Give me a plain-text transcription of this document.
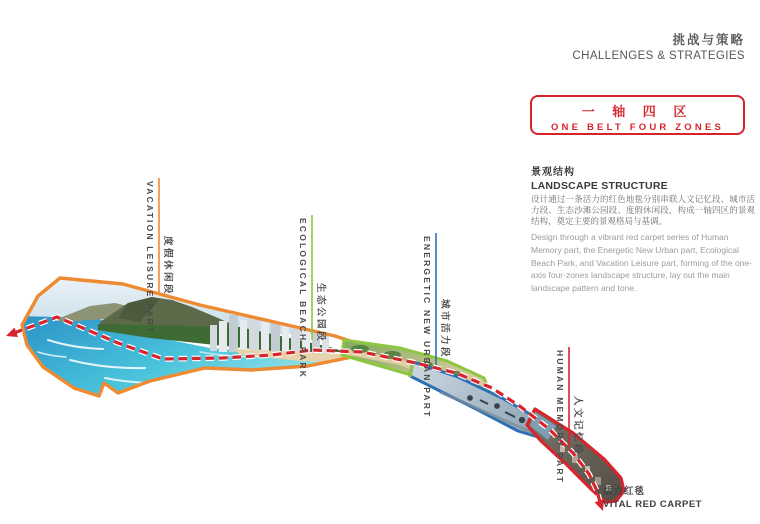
挑战与策略
CHALLENGES & STRATEGIES
一 轴 四 区
ONE BELT FOUR ZONES
景观结构
LANDSCAPE STRUCTURE

设计通过一条活力的红色地毯分别串联人文记忆段、城市活力段、生态沙滩公园段、度假休闲段，构成一轴四区的景观结构，奠定主要的景观格局与基调。

Design through a vibrant red carpet series of Human Memory part, the Energetic New Urban part, Ecological Beach Park, and Vacation Leisure part, forming of the one-axis four-zones landscape structure, lay out the main landscape pattern and tone.

VACATION LEISURE PART 度假休闲段	ECOLOGICAL BEACH PARK 生态公园段	ENERGETIC NEW URBAN PART 城市活力段
HUMAN MEMORY PART 人文记忆段
活力红毯
VITAL RED CARPET
